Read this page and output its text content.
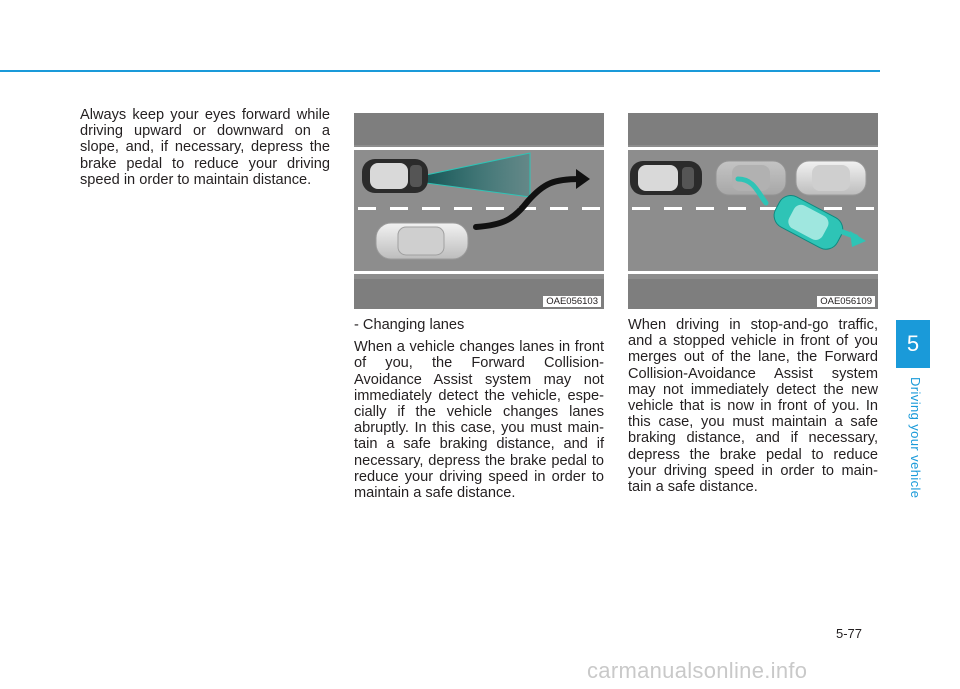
Always keep your eyes forward while driving upward or downward on a slope, and, if necessary, depress the brake pedal to reduce your driving speed in order to maintain distance.

OAE056103	OAE056109

- Changing lanes

When a vehicle changes lanes in front of you, the Forward Collision-Avoidance Assist system may not immediately detect the vehicle, espe-cially if the vehicle changes lanes abruptly. In this case, you must main-tain a safe braking distance, and if necessary, depress the brake pedal to reduce your driving speed in order to maintain a safe distance.

When driving in stop-and-go traffic, and a stopped vehicle in front of you merges out of the lane, the Forward Collision-Avoidance Assist system may not immediately detect the new vehicle that is now in front of you. In this case, you must maintain a safe braking distance, and if necessary, depress the brake pedal to reduce your driving speed in order to main-tain a safe distance.

5
Driving your vehicle
5-77
carmanualsonline.info
